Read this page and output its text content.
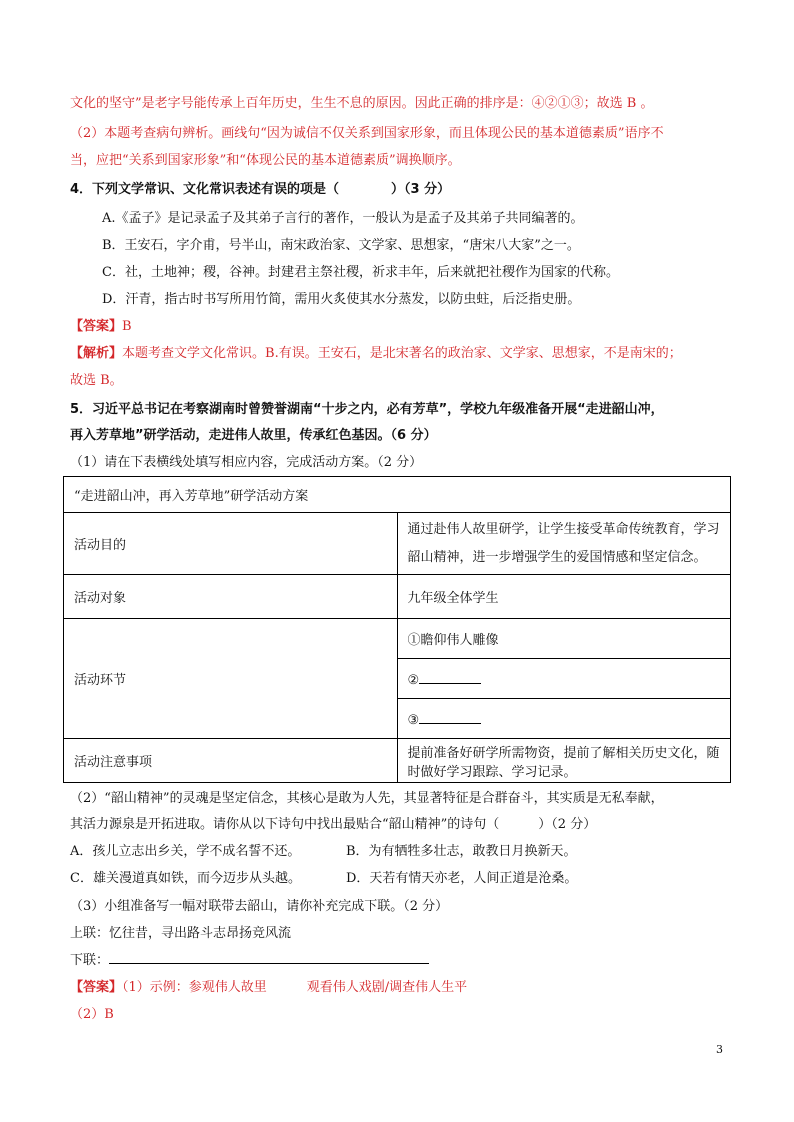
文化的坚守”是老字号能传承上百年历史，生生不息的原因。因此正确的排序是：④②①③；故选 B 。
（2）本题考查病句辨析。画线句“因为诚信不仅关系到国家形象，而且体现公民的基本道德素质”语序不
当，应把“关系到国家形象”和“体现公民的基本道德素质”调换顺序。
4．下列文学常识、文化常识表述有误的项是（　　　　）（3 分）
A.《孟子》是记录孟子及其弟子言行的著作，一般认为是孟子及其弟子共同编著的。
B．王安石，字介甫，号半山，南宋政治家、文学家、思想家，“唐宋八大家”之一。
C．社，土地神；稷，谷神。封建君主祭社稷，祈求丰年，后来就把社稷作为国家的代称。
D．汗青，指古时书写所用竹简，需用火炙使其水分蒸发，以防虫蛀，后泛指史册。
【答案】B
【解析】本题考查文学文化常识。B.有误。王安石，是北宋著名的政治家、文学家、思想家，不是南宋的；
故选 B。
5．习近平总书记在考察湖南时曾赞誉湖南“十步之内，必有芳草”，学校九年级准备开展“走进韶山冲，
再入芳草地”研学活动，走进伟人故里，传承红色基因。（6 分）
（1）请在下表横线处填写相应内容，完成活动方案。（2 分）
“走进韶山冲，再入芳草地”研学活动方案	
活动目的	通过赴伟人故里研学，让学生接受革命传统教育，学习韶山精神，进一步增强学生的爱国情感和坚定信念。

活动对象	九年级全体学生
活动环节	①瞻仰伟人雕像
	②
	③
活动注意事项	提前准备好研学所需物资，提前了解相关历史文化，随时做好学习跟踪、学习记录。
（2）“韶山精神”的灵魂是坚定信念，其核心是敢为人先，其显著特征是合群奋斗，其实质是无私奉献，
其活力源泉是开拓进取。请你从以下诗句中找出最贴合“韶山精神”的诗句（　　　）（2 分）
A．孩儿立志出乡关，学不成名誓不还。	B．为有牺牲多壮志，敢教日月换新天。
C．雄关漫道真如铁，而今迈步从头越。	D．天若有情天亦老，人间正道是沧桑。
（3）小组准备写一幅对联带去韶山，请你补充完成下联。（2 分）
上联：忆往昔，寻出路斗志昂扬竞风流
下联：
【答案】（1）示例：参观伟人故里	观看伟人戏剧/调查伟人生平
（2）B
3
